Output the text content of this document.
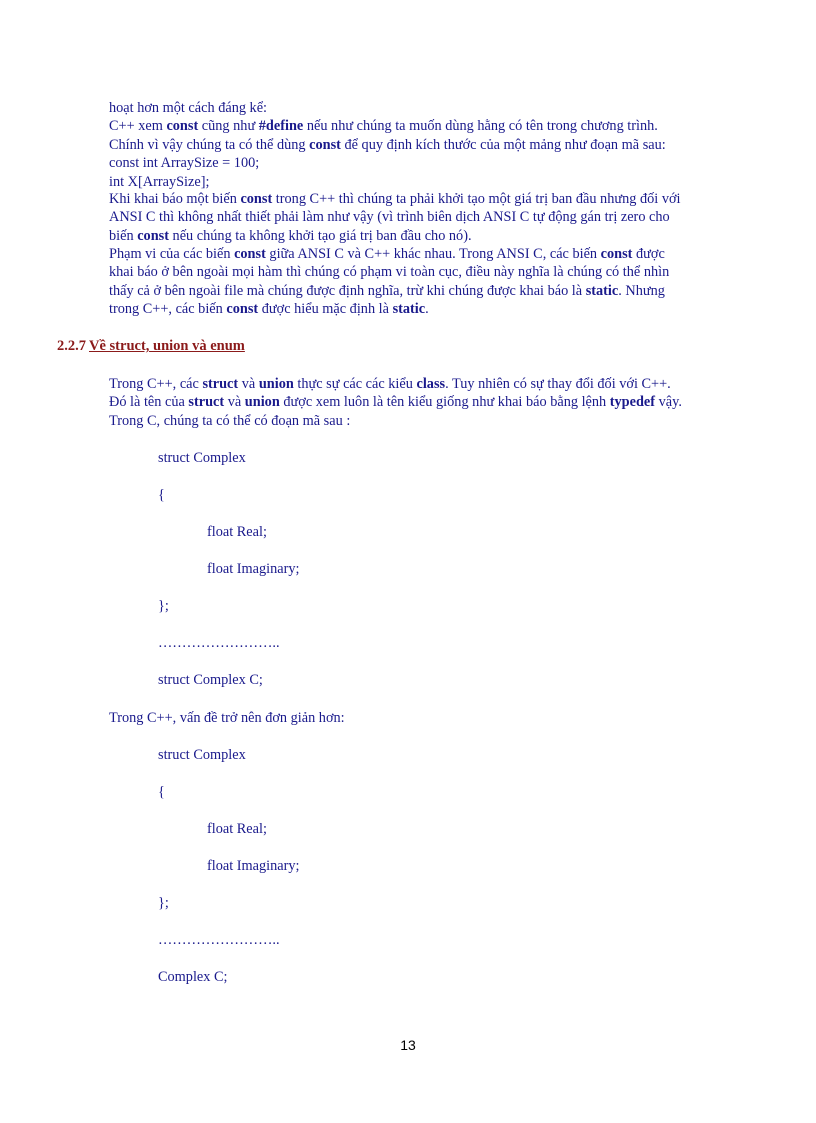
hoạt hơn một cách đáng kể:
C++ xem const cũng như #define nếu như chúng ta muốn dùng hằng có tên trong chương trình.
Chính vì vậy chúng ta có thể dùng const để quy định kích thước của một mảng như đoạn mã sau:
const int ArraySize = 100;
int X[ArraySize];
Khi khai báo một biến const trong C++ thì chúng ta phải khởi tạo một giá trị ban đầu nhưng đối với
ANSI C thì không nhất thiết phải làm như vậy (vì trình biên dịch ANSI C tự động gán trị zero cho
biến const nếu chúng ta không khởi tạo giá trị ban đầu cho nó).
Phạm vi của các biến const giữa ANSI C và C++ khác nhau. Trong ANSI C, các biến const được
khai báo ở bên ngoài mọi hàm thì chúng có phạm vi toàn cục, điều này nghĩa là chúng có thể nhìn
thấy cả ở bên ngoài file mà chúng được định nghĩa, trừ khi chúng được khai báo là static. Nhưng
trong C++, các biến const được hiểu mặc định là static.
2.2.7 Về struct, union và enum
Trong C++, các struct và union thực sự các các kiểu class. Tuy nhiên có sự thay đổi đối với C++.
Đó là tên của struct và union được xem luôn là tên kiểu giống như khai báo bằng lệnh typedef vậy.
Trong C, chúng ta có thể có đoạn mã sau :
struct Complex
{
float Real;
float Imaginary;
};
……………………..
struct Complex C;
Trong C++, vấn đề trở nên đơn giản hơn:
struct Complex
{
float Real;
float Imaginary;
};
……………………..
Complex C;
13
